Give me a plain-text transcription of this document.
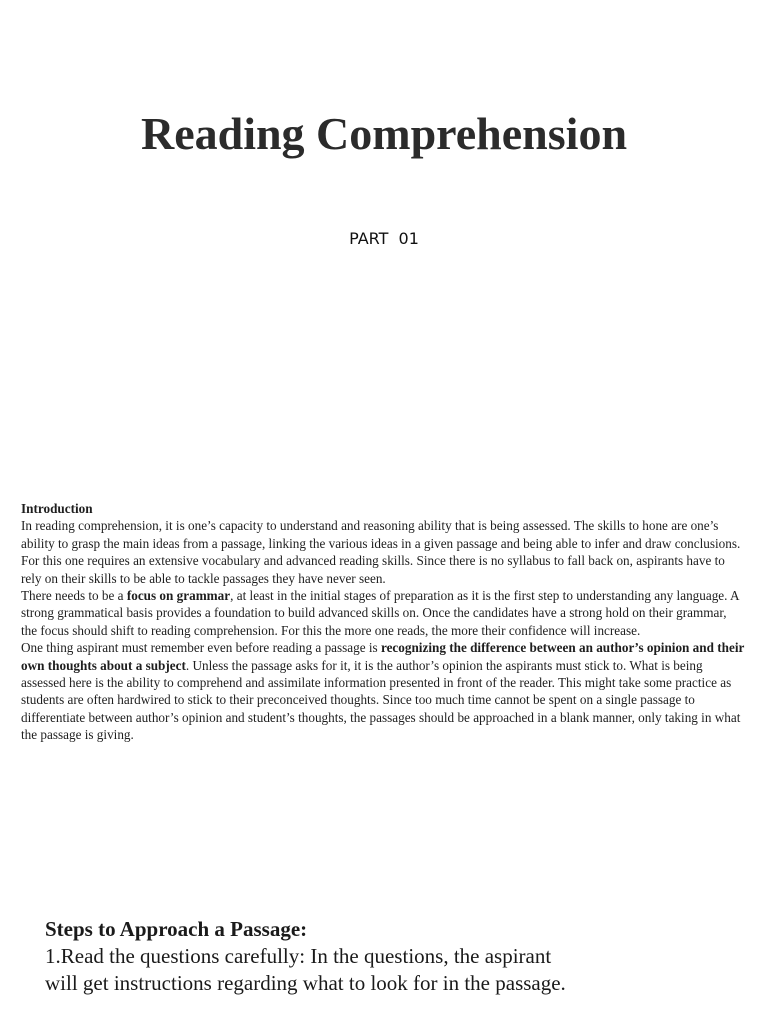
Reading Comprehension
PART  01

Introduction

In reading comprehension, it is one’s capacity to understand and reasoning ability that is being assessed. The skills to hone are one’s ability to grasp the main ideas from a passage, linking the various ideas in a given passage and being able to infer and draw conclusions. For this one requires an extensive vocabulary and advanced reading skills. Since there is no syllabus to fall back on, aspirants have to rely on their skills to be able to tackle passages they have never seen.

There needs to be a focus on grammar, at least in the initial stages of preparation as it is the first step to understanding any language. A strong grammatical basis provides a foundation to build advanced skills on. Once the candidates have a strong hold on their grammar, the focus should shift to reading comprehension. For this the more one reads, the more their confidence will increase.

One thing aspirant must remember even before reading a passage is recognizing the difference between an author’s opinion and their own thoughts about a subject. Unless the passage asks for it, it is the author’s opinion the aspirants must stick to. What is being assessed here is the ability to comprehend and assimilate information presented in front of the reader. This might take some practice as students are often hardwired to stick to their preconceived thoughts. Since too much time cannot be spent on a single passage to differentiate between author’s opinion and student’s thoughts, the passages should be approached in a blank manner, only taking in what the passage is giving.

Steps to Approach a Passage:

1.Read the questions carefully: In the questions, the aspirant will get instructions regarding what to look for in the passage.
